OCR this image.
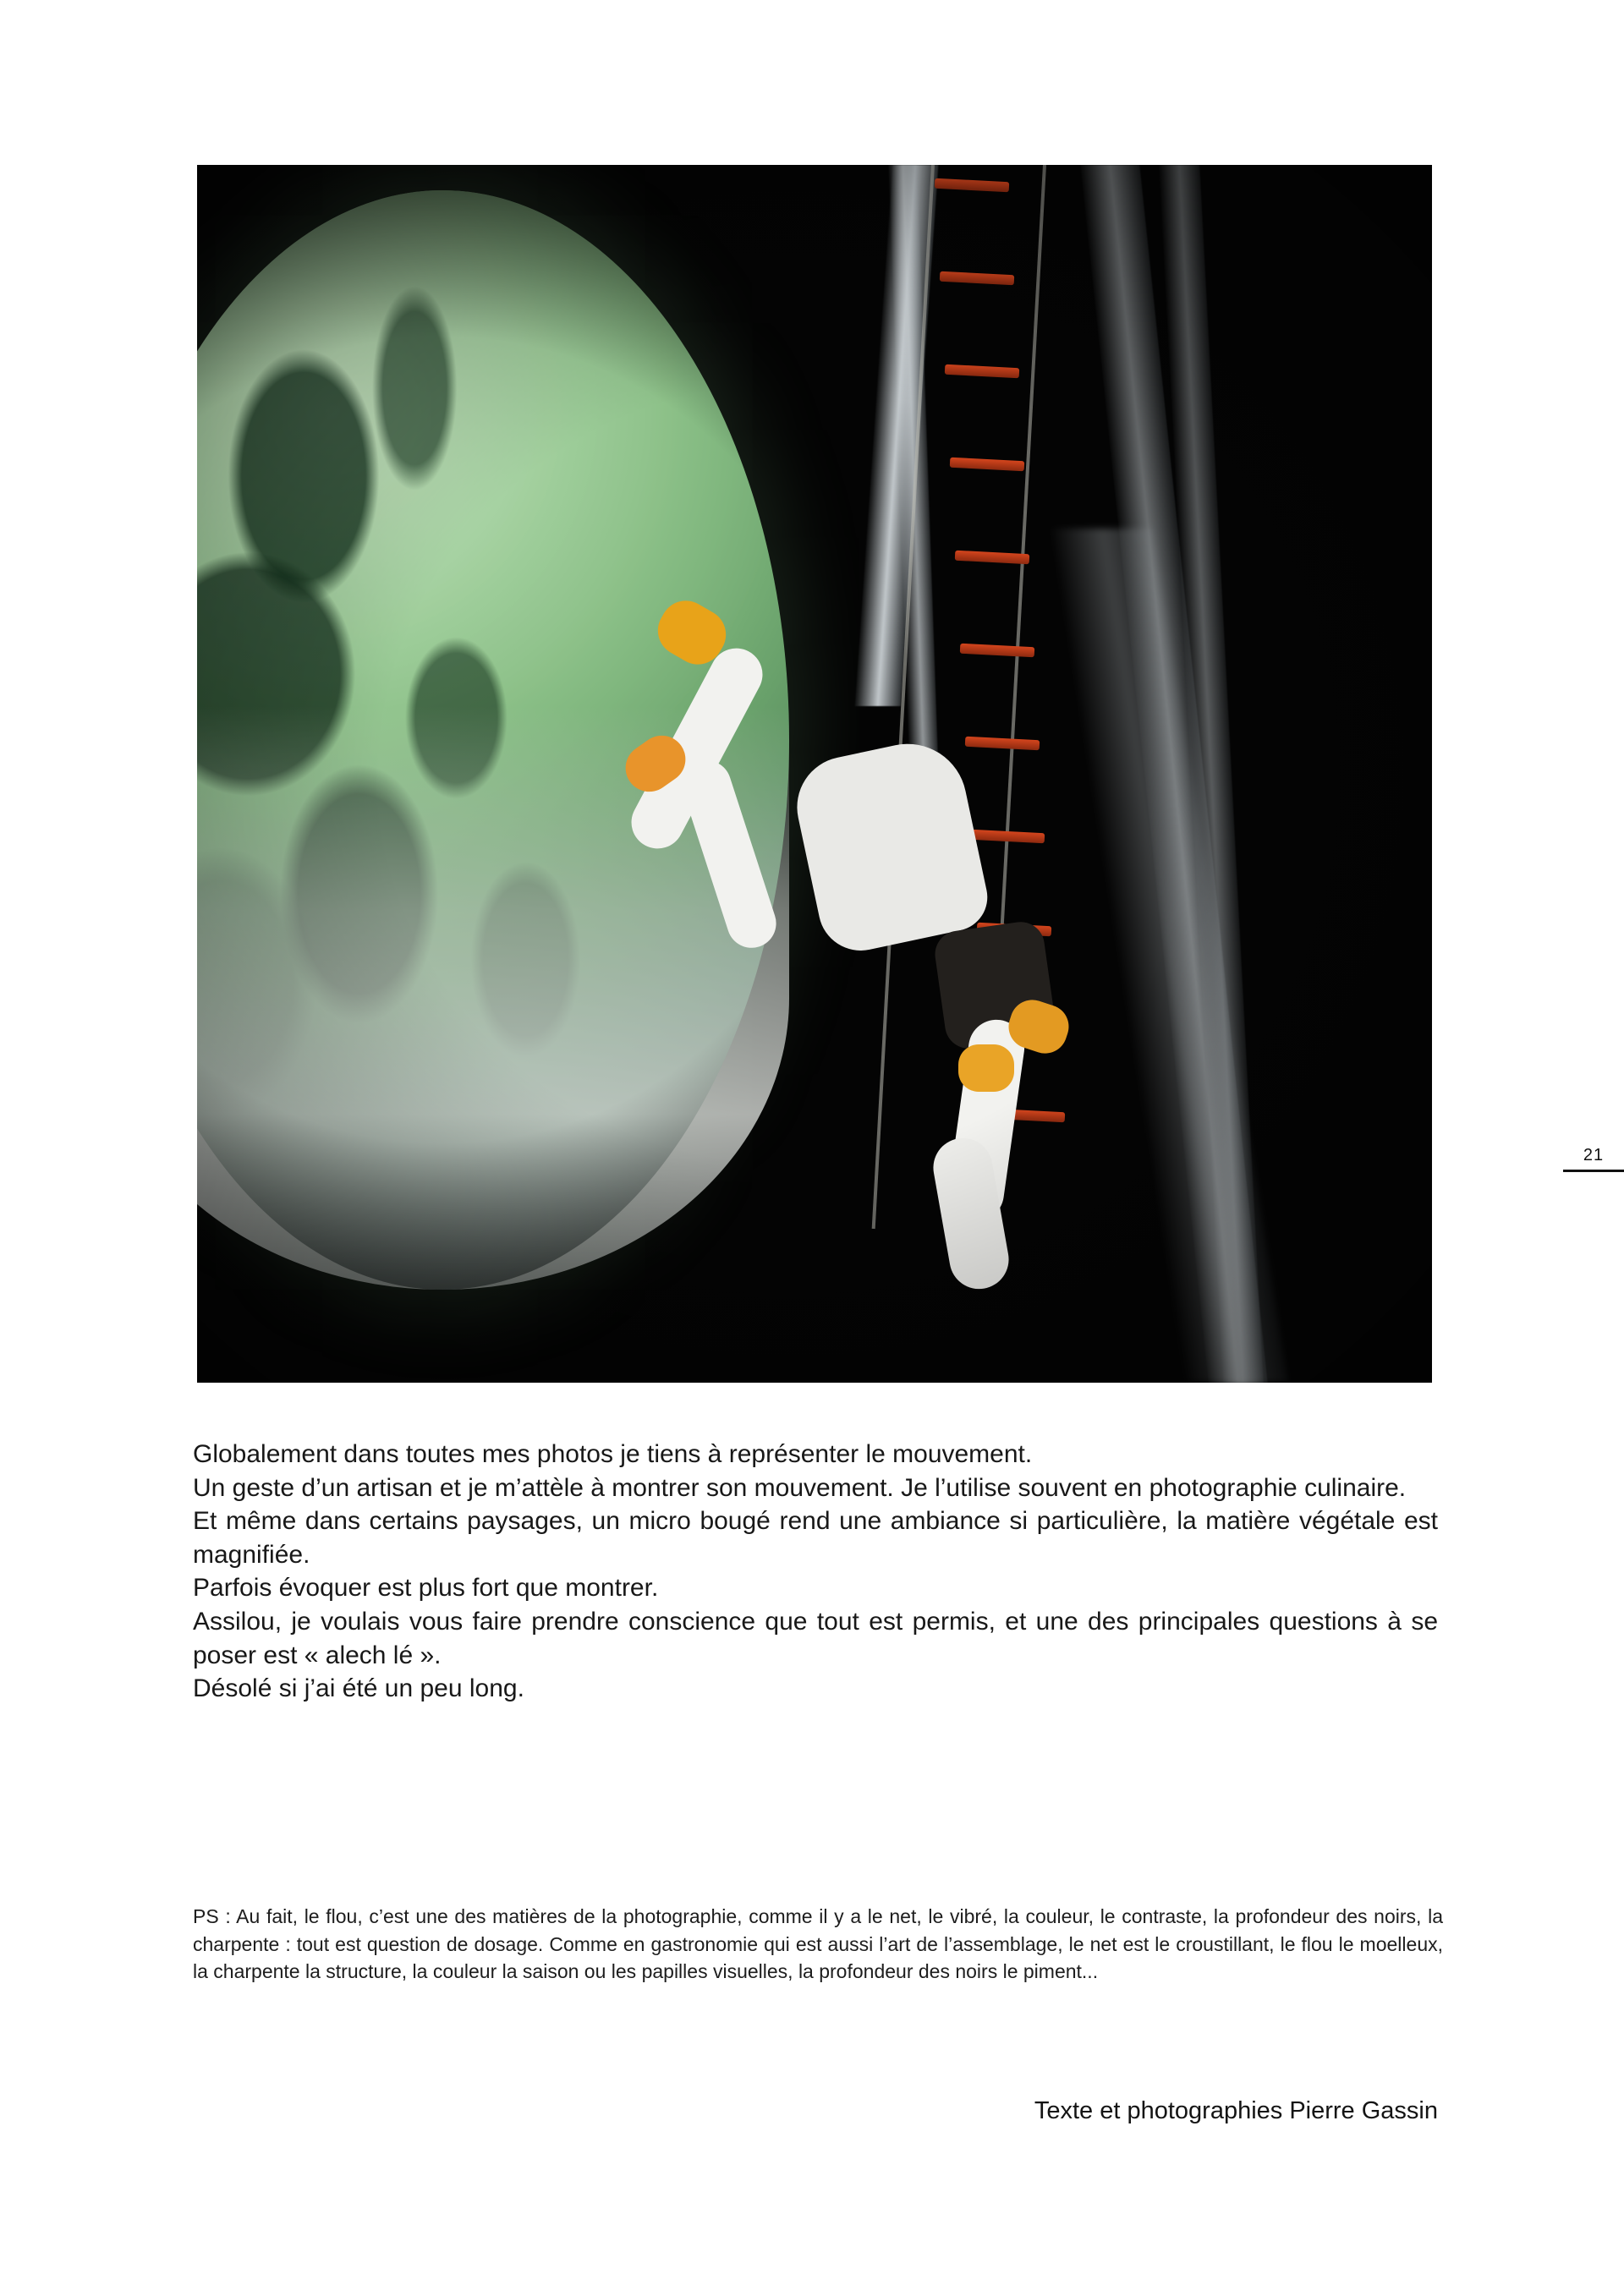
21

Globalement dans toutes mes photos je tiens à représenter le mouvement.

Un geste d’un artisan et je m’attèle à montrer son mouvement. Je l’utilise souvent en photographie culinaire.

Et même dans certains paysages, un micro bougé rend une ambiance si particulière, la matière végétale est magnifiée.

Parfois évoquer est plus fort que montrer.

Assilou, je voulais vous faire prendre conscience que tout est permis, et une des principales questions à se poser est « alech lé ».

Désolé si j’ai été un peu long.

PS : Au fait, le flou, c’est une des matières de la photographie, comme il y a le net, le vibré, la couleur, le contraste, la profondeur des noirs, la charpente : tout est question de dosage. Comme en gastronomie qui est aussi l’art de l’assemblage, le net est le croustillant, le flou le moelleux, la charpente la structure, la couleur la saison ou les papilles visuelles, la profondeur des noirs le piment...

Texte et photographies Pierre Gassin
